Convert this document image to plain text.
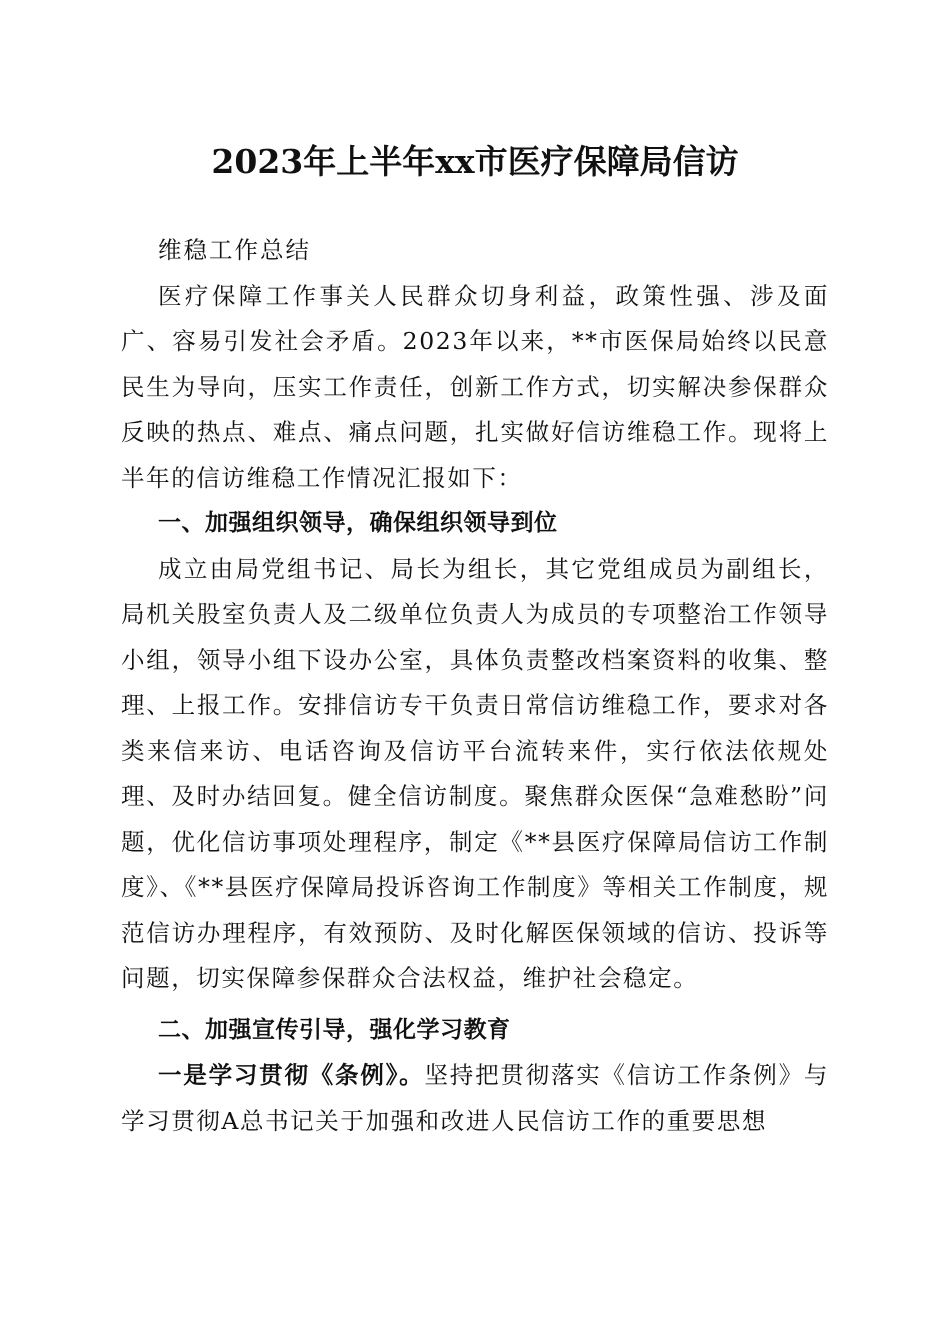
2023年上半年xx市医疗保障局信访

维稳工作总结

医疗保障工作事关人民群众切身利益，政策性强、涉及面广、容易引发社会矛盾。2023年以来，**市医保局始终以民意民生为导向，压实工作责任，创新工作方式，切实解决参保群众反映的热点、难点、痛点问题，扎实做好信访维稳工作。现将上半年的信访维稳工作情况汇报如下：

一、加强组织领导，确保组织领导到位

成立由局党组书记、局长为组长，其它党组成员为副组长，局机关股室负责人及二级单位负责人为成员的专项整治工作领导小组，领导小组下设办公室，具体负责整改档案资料的收集、整理、上报工作。安排信访专干负责日常信访维稳工作，要求对各类来信来访、电话咨询及信访平台流转来件，实行依法依规处理、及时办结回复。健全信访制度。聚焦群众医保“急难愁盼”问题，优化信访事项处理程序，制定《**县医疗保障局信访工作制度》、《**县医疗保障局投诉咨询工作制度》等相关工作制度，规范信访办理程序，有效预防、及时化解医保领域的信访、投诉等问题，切实保障参保群众合法权益，维护社会稳定。

二、加强宣传引导，强化学习教育

一是学习贯彻《条例》。坚持把贯彻落实《信访工作条例》与学习贯彻A总书记关于加强和改进人民信访工作的重要思想
